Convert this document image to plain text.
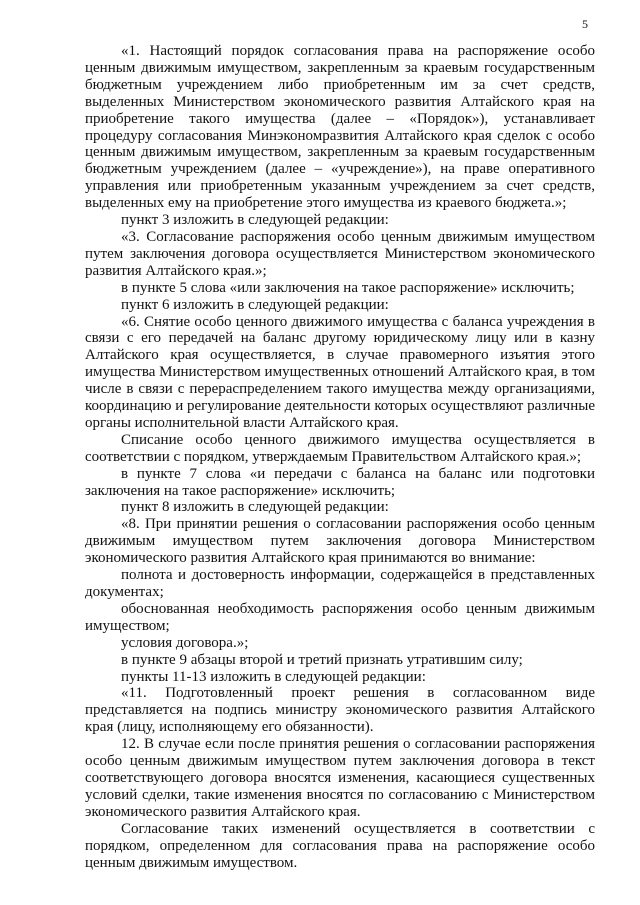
5

«1. Настоящий порядок согласования права на распоряжение особо ценным движимым имуществом, закрепленным за краевым государственным бюджетным учреждением либо приобретенным им за счет средств, выделенных Министерством экономического развития Алтайского края на приобретение такого имущества (далее – «Порядок»), устанавливает процедуру согласования Минэкономразвития Алтайского края сделок с особо ценным движимым имуществом, закрепленным за краевым государственным бюджетным учреждением (далее – «учреждение»), на праве оперативного управления или приобретенным указанным учреждением за счет средств, выделенных ему на приобретение этого имущества из краевого бюджета.»;

пункт 3 изложить в следующей редакции:

«3. Согласование распоряжения особо ценным движимым имуществом путем заключения договора осуществляется Министерством экономического развития Алтайского края.»;

в пункте 5 слова «или заключения на такое распоряжение» исключить;

пункт 6 изложить в следующей редакции:

«6. Снятие особо ценного движимого имущества с баланса учреждения в связи с его передачей на баланс другому юридическому лицу или в казну Алтайского края осуществляется, в случае правомерного изъятия этого имущества Министерством имущественных отношений Алтайского края, в том числе в связи с перераспределением такого имущества между организациями, координацию и регулирование деятельности которых осуществляют различные органы исполнительной власти Алтайского края.

Списание особо ценного движимого имущества осуществляется в соответствии с порядком, утверждаемым Правительством Алтайского края.»;

в пункте 7 слова «и передачи с баланса на баланс или подготовки заключения на такое распоряжение» исключить;

пункт 8 изложить в следующей редакции:

«8. При принятии решения о согласовании распоряжения особо ценным движимым имуществом путем заключения договора Министерством экономического развития Алтайского края принимаются во внимание:

полнота и достоверность информации, содержащейся в представленных документах;

обоснованная необходимость распоряжения особо ценным движимым имуществом;

условия договора.»;

в пункте 9 абзацы второй и третий признать утратившим силу;

пункты 11-13 изложить в следующей редакции:

«11. Подготовленный проект решения в согласованном виде представляется на подпись министру экономического развития Алтайского края (лицу, исполняющему его обязанности).

12. В случае если после принятия решения о согласовании распоряжения особо ценным движимым имуществом путем заключения договора в текст соответствующего договора вносятся изменения, касающиеся существенных условий сделки, такие изменения вносятся по согласованию с Министерством экономического развития Алтайского края.

Согласование таких изменений осуществляется в соответствии с порядком, определенном для согласования права на распоряжение особо ценным движимым имуществом.
